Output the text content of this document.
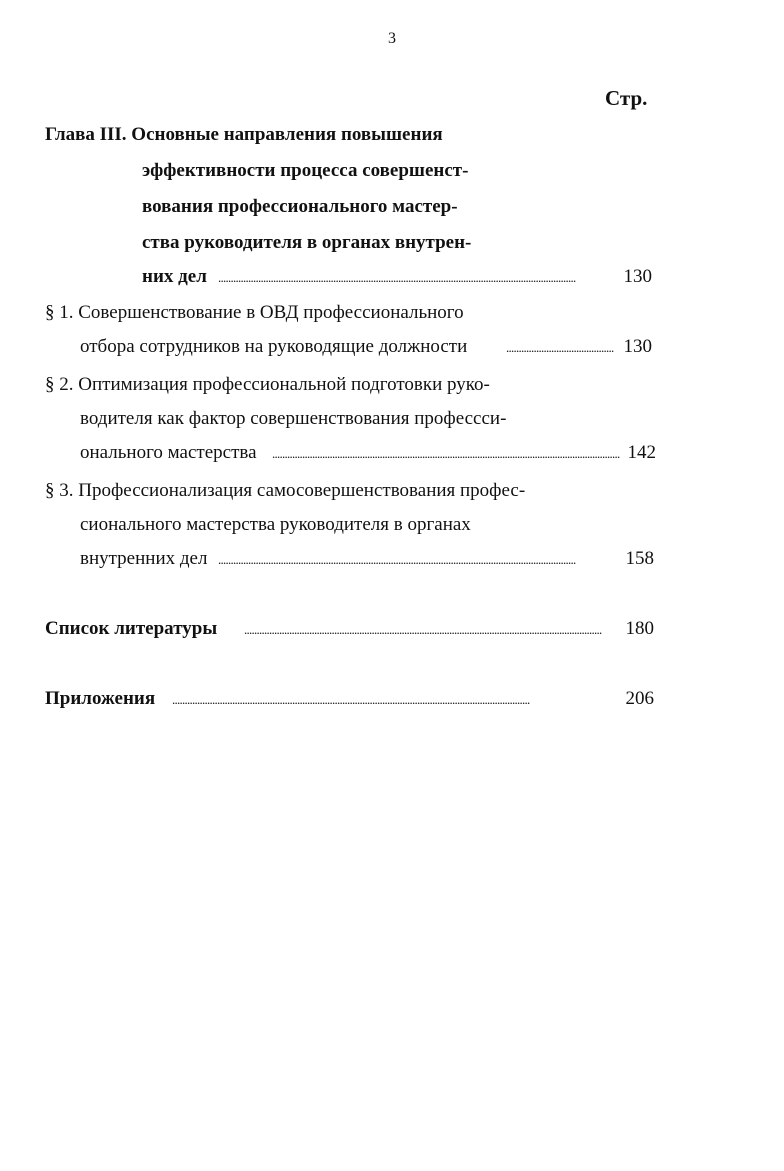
3
Стр.
Глава III. Основные направления повышения
эффективности процесса совершенст-
вования профессионального мастер-
ства руководителя в органах внутрен-
них дел . . .	130
§ 1. Совершенствование в ОВД профессионального
отбора сотрудников на руководящие должности . . .	130
§ 2. Оптимизация профессиональной подготовки руко-
водителя как фактор совершенствования профессси-
онального мастерства . . .	142
§ 3. Профессионализация самосовершенствования профес-
сионального мастерства руководителя в органах
внутренних дел . . .	158
Список литературы . . .	180
Приложения . . .	206
